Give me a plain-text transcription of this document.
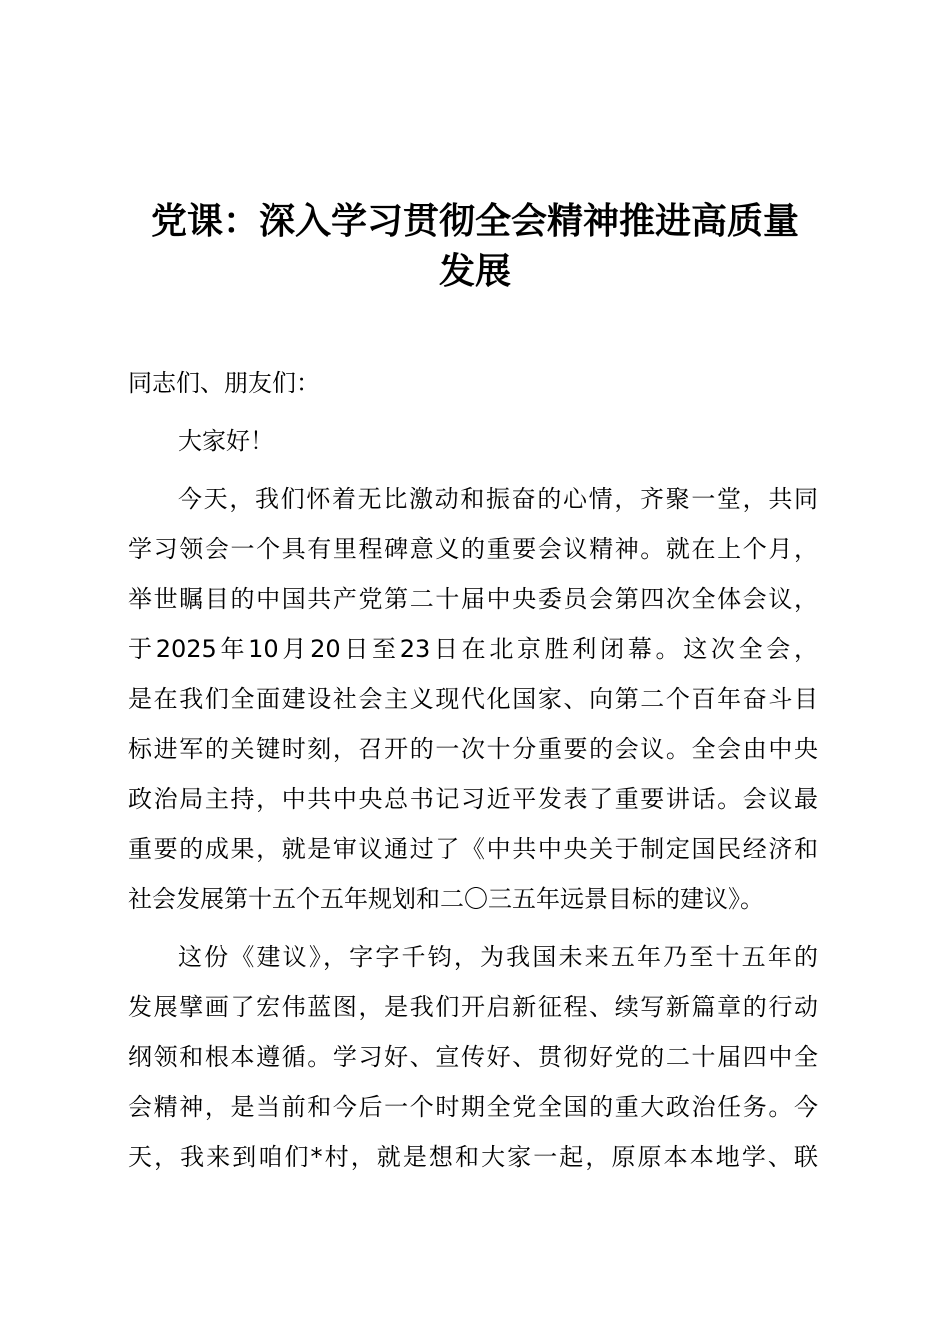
党课：深入学习贯彻全会精神推进高质量
发展
同志们、朋友们：
大家好！
今天，我们怀着无比激动和振奋的心情，齐聚一堂，共同
学习领会一个具有里程碑意义的重要会议精神。就在上个月，
举世瞩目的中国共产党第二十届中央委员会第四次全体会议，
于2025年10月20日至23日在北京胜利闭幕。这次全会，
是在我们全面建设社会主义现代化国家、向第二个百年奋斗目
标进军的关键时刻，召开的一次十分重要的会议。全会由中央
政治局主持，中共中央总书记习近平发表了重要讲话。会议最
重要的成果，就是审议通过了《中共中央关于制定国民经济和
社会发展第十五个五年规划和二〇三五年远景目标的建议》。
这份《建议》，字字千钧，为我国未来五年乃至十五年的
发展擘画了宏伟蓝图，是我们开启新征程、续写新篇章的行动
纲领和根本遵循。学习好、宣传好、贯彻好党的二十届四中全
会精神，是当前和今后一个时期全党全国的重大政治任务。今
天，我来到咱们*村，就是想和大家一起，原原本本地学、联
